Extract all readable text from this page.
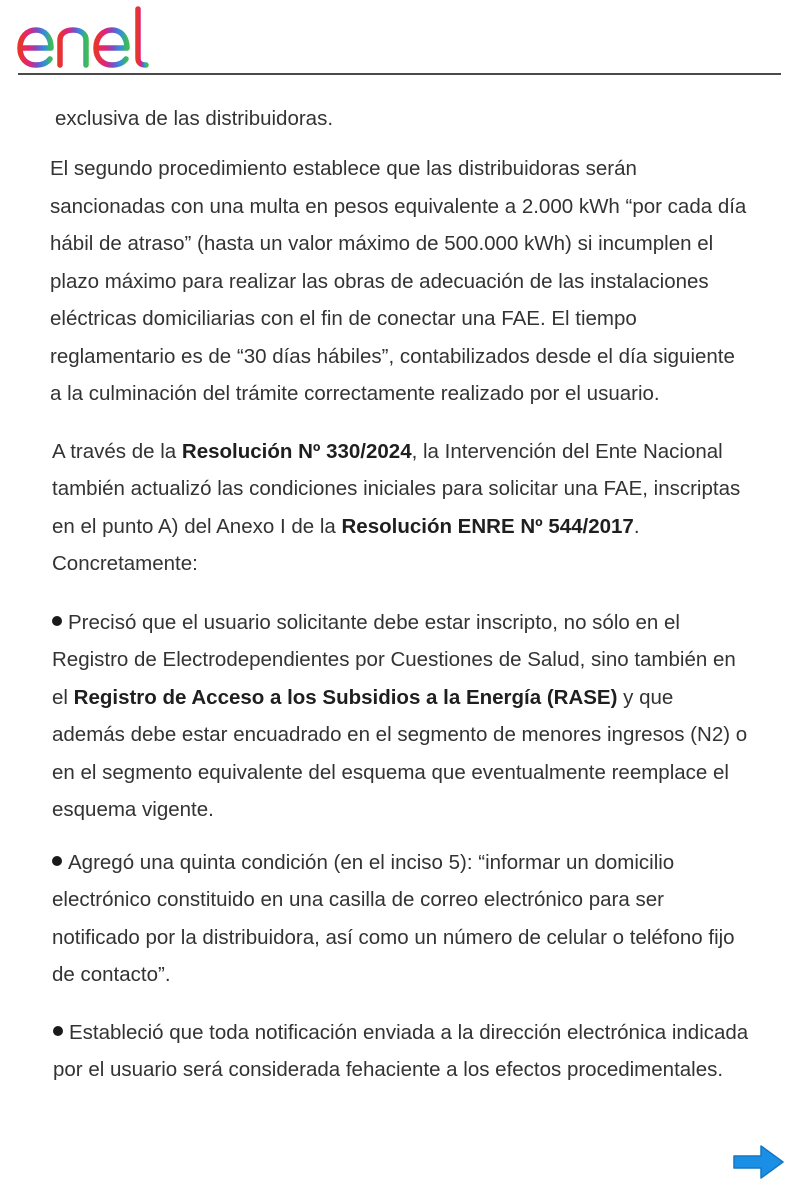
exclusiva de las distribuidoras.

El segundo procedimiento establece que las distribuidoras serán sancionadas con una multa en pesos equivalente a 2.000 kWh “por cada día hábil de atraso” (hasta un valor máximo de 500.000 kWh) si incumplen el plazo máximo para realizar las obras de adecuación de las instalaciones eléctricas domiciliarias con el fin de conectar una FAE. El tiempo reglamentario es de “30 días hábiles”, contabilizados desde el día siguiente a la culminación del trámite correctamente realizado por el usuario.

A través de la Resolución Nº 330/2024, la Intervención del Ente Nacional también actualizó las condiciones iniciales para solicitar una FAE, inscriptas en el punto A) del Anexo I de la Resolución ENRE Nº 544/2017. Concretamente:

Precisó que el usuario solicitante debe estar inscripto, no sólo en el Registro de Electrodependientes por Cuestiones de Salud, sino también en el Registro de Acceso a los Subsidios a la Energía (RASE) y que además debe estar encuadrado en el segmento de menores ingresos (N2) o en el segmento equivalente del esquema que eventualmente reemplace el esquema vigente.

Agregó una quinta condición (en el inciso 5): “informar un domicilio electrónico constituido en una casilla de correo electrónico para ser notificado por la distribuidora, así como un número de celular o teléfono fijo de contacto”.

Estableció que toda notificación enviada a la dirección electrónica indicada por el usuario será considerada fehaciente a los efectos procedimentales.
